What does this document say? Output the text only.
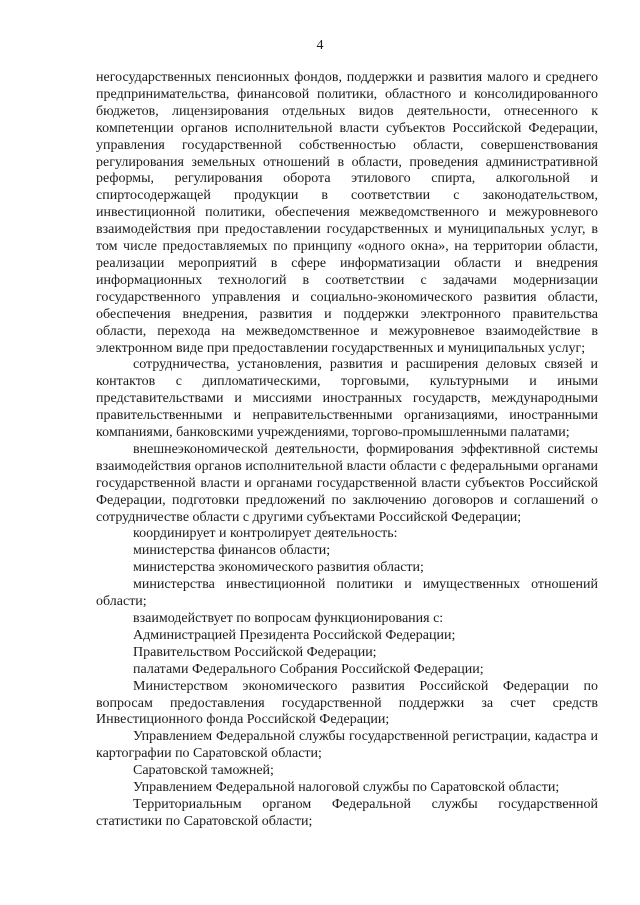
4

негосударственных пенсионных фондов, поддержки и развития малого и среднего предпринимательства, финансовой политики, областного и консолидированного бюджетов, лицензирования отдельных видов деятельности, отнесенного к компетенции органов исполнительной власти субъектов Российской Федерации, управления государственной собственностью области, совершенствования регулирования земельных отношений в области, проведения административной реформы, регулирования оборота этилового спирта, алкогольной и спиртосодержащей продукции в соответствии с законодательством, инвестиционной политики, обеспечения межведомственного и межуровневого взаимодействия при предоставлении государственных и муниципальных услуг, в том числе предоставляемых по принципу «одного окна», на территории области, реализации мероприятий в сфере информатизации области и внедрения информационных технологий в соответствии с задачами модернизации государственного управления и социально-экономического развития области, обеспечения внедрения, развития и поддержки электронного правительства области, перехода на межведомственное и межуровневое взаимодействие в электронном виде при предоставлении государственных и муниципальных услуг;

сотрудничества, установления, развития и расширения деловых связей и контактов с дипломатическими, торговыми, культурными и иными представительствами и миссиями иностранных государств, международными правительственными и неправительственными организациями, иностранными компаниями, банковскими учреждениями, торгово-промышленными палатами;

внешнеэкономической деятельности, формирования эффективной системы взаимодействия органов исполнительной власти области с федеральными органами государственной власти и органами государственной власти субъектов Российской Федерации, подготовки предложений по заключению договоров и соглашений о сотрудничестве области с другими субъектами Российской Федерации;

координирует и контролирует деятельность:

министерства финансов области;

министерства экономического развития области;

министерства инвестиционной политики и имущественных отношений области;

взаимодействует по вопросам функционирования с:

Администрацией Президента Российской Федерации;

Правительством Российской Федерации;

палатами Федерального Собрания Российской Федерации;

Министерством экономического развития Российской Федерации по вопросам предоставления государственной поддержки за счет средств Инвестиционного фонда Российской Федерации;

Управлением Федеральной службы государственной регистрации, кадастра и картографии по Саратовской области;

Саратовской таможней;

Управлением Федеральной налоговой службы по Саратовской области;

Территориальным органом Федеральной службы государственной статистики по Саратовской области;
